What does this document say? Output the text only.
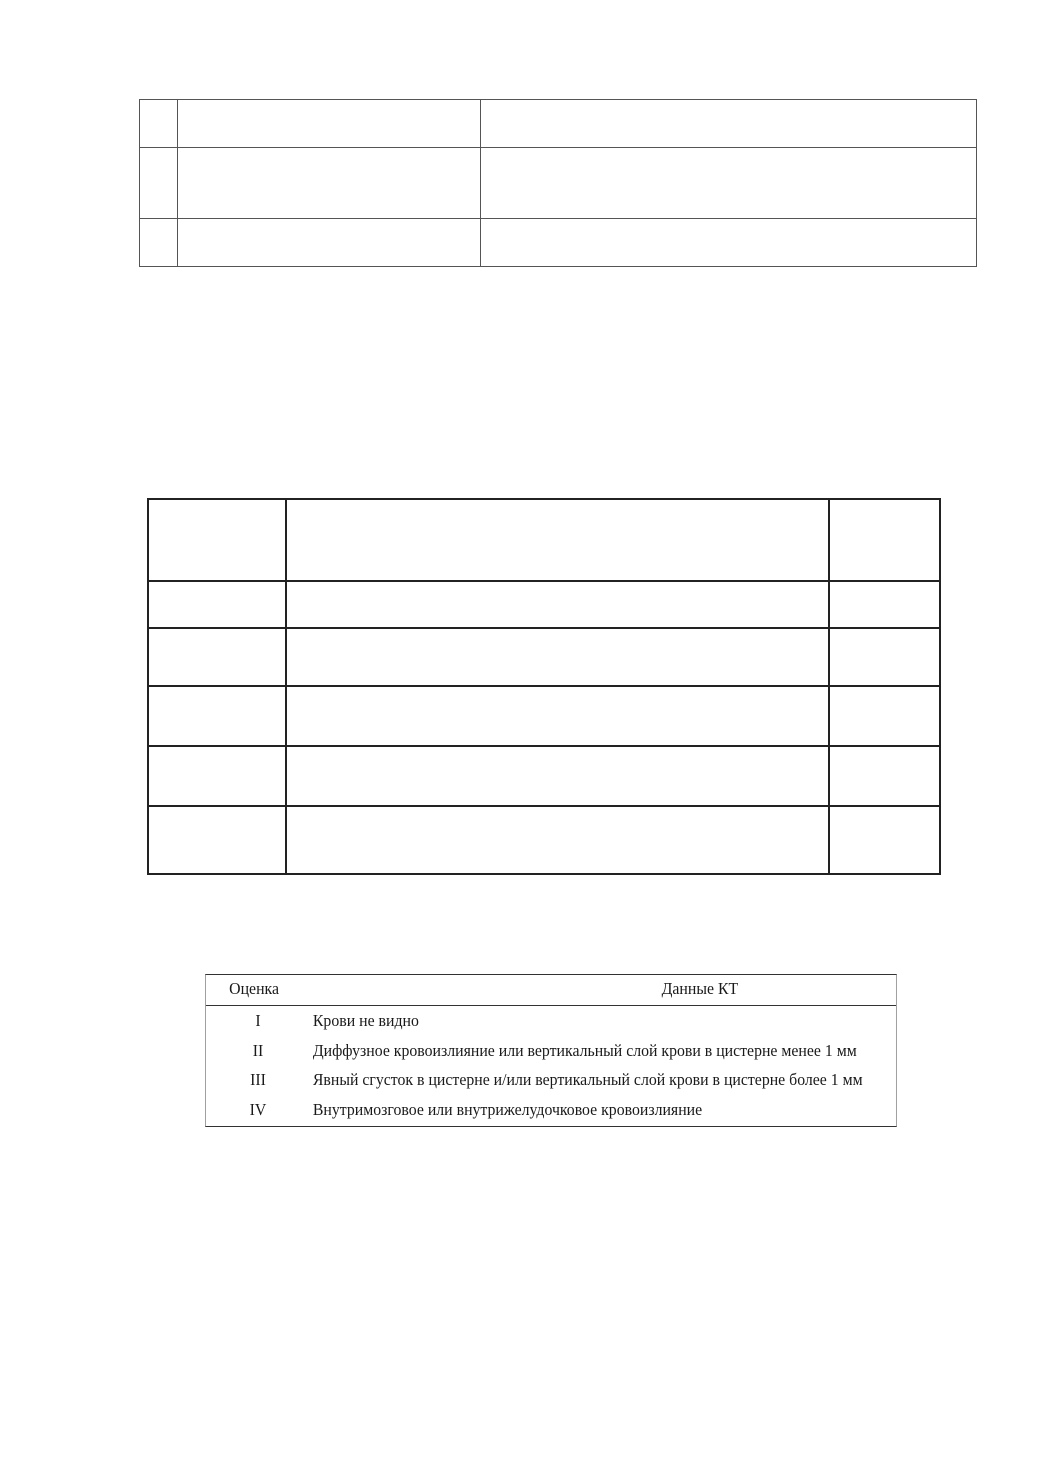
Оценка	Данные КТ
I	Крови не видно
II	Диффузное кровоизлияние или вертикальный слой крови в цистерне менее 1 мм
III	Явный сгусток в цистерне и/или вертикальный слой крови в цистерне более 1 мм
IV	Внутримозговое или внутрижелудочковое кровоизлияние
